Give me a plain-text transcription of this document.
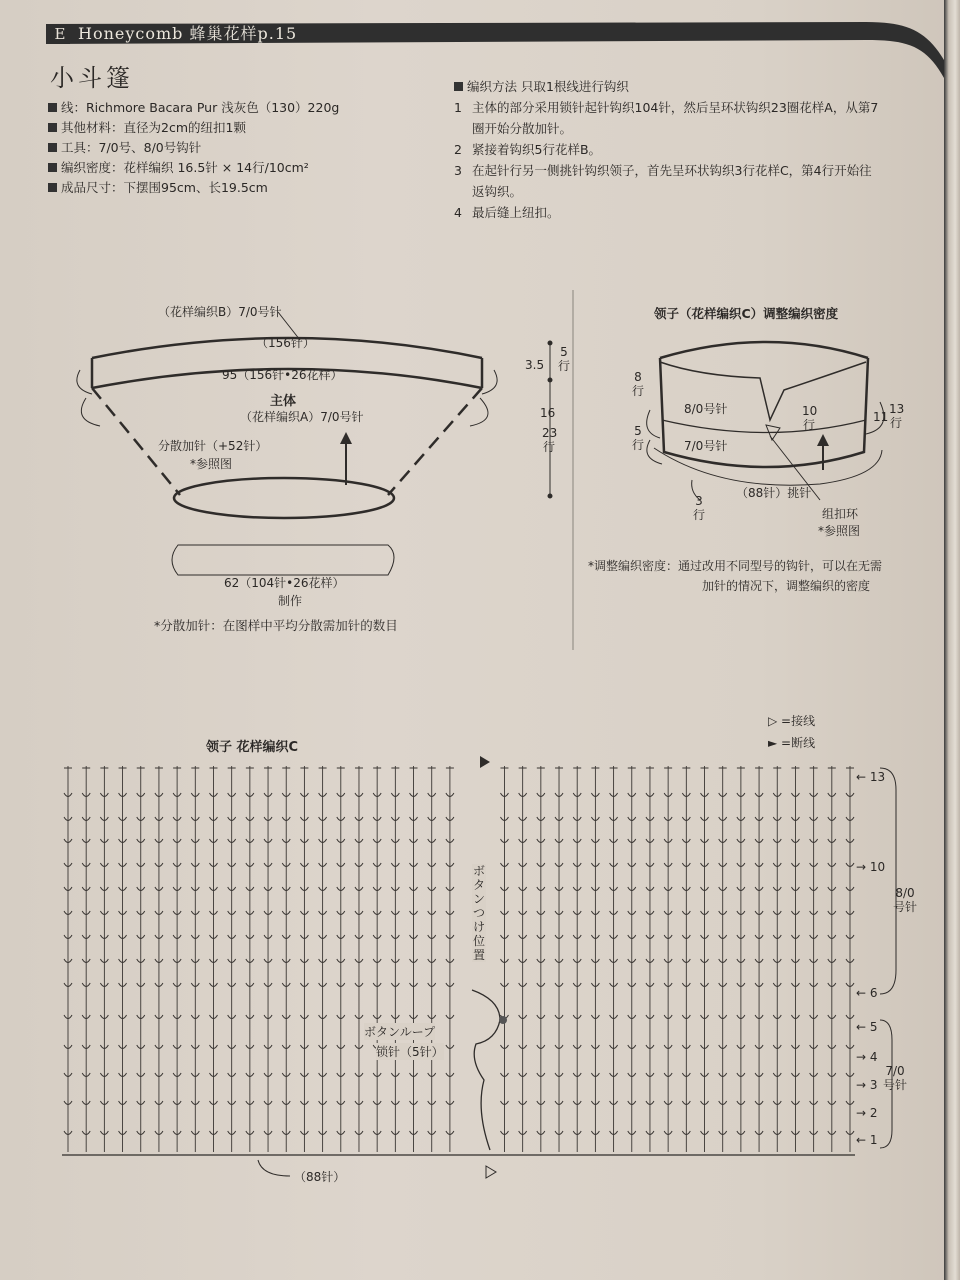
E Honeycomb 蜂巢花样p.15
小斗篷
线：Richmore Bacara Pur 浅灰色（130）220g
其他材料：直径为2cm的纽扣1颗
工具：7/0号、8/0号钩针
编织密度：花样编织 16.5针 × 14行/10cm²
成品尺寸：下摆围95cm、长19.5cm
编织方法 只取1根线进行钩织
1 主体的部分采用锁针起针钩织104针，然后呈环状钩织23圈花样A，从第7
圈开始分散加针。
2 紧接着钩织5行花样B。
3 在起针行另一侧挑针钩织领子，首先呈环状钩织3行花样C，第4行开始往
返钩织。
4 最后缝上纽扣。
（花样编织B）7/0号针
（156针）
95（156针•26花样）
主体
（花样编织A）7/0号针
分散加针（+52针）
*参照图
62（104针•26花样）
制作
*分散加针：在图样中平均分散需加针的数目
3.5
5行
16
23行
领子（花样编织C）调整编织密度
8/0号针
7/0号针
8行
5行
10行
11
13行
3行
（88针）挑针
组扣环
*参照图
*调整编织密度：通过改用不同型号的钩针，可以在无需
加针的情况下，调整编织的密度
领子 花样编织C
▷ =接线
► =断线
ボタンつけ位置
ボタンループ
锁针（5针）
（88针）
← 13
→ 10
← 6
← 5
→ 4
→ 3
→ 2
← 1
8/0号针
7/0号针
